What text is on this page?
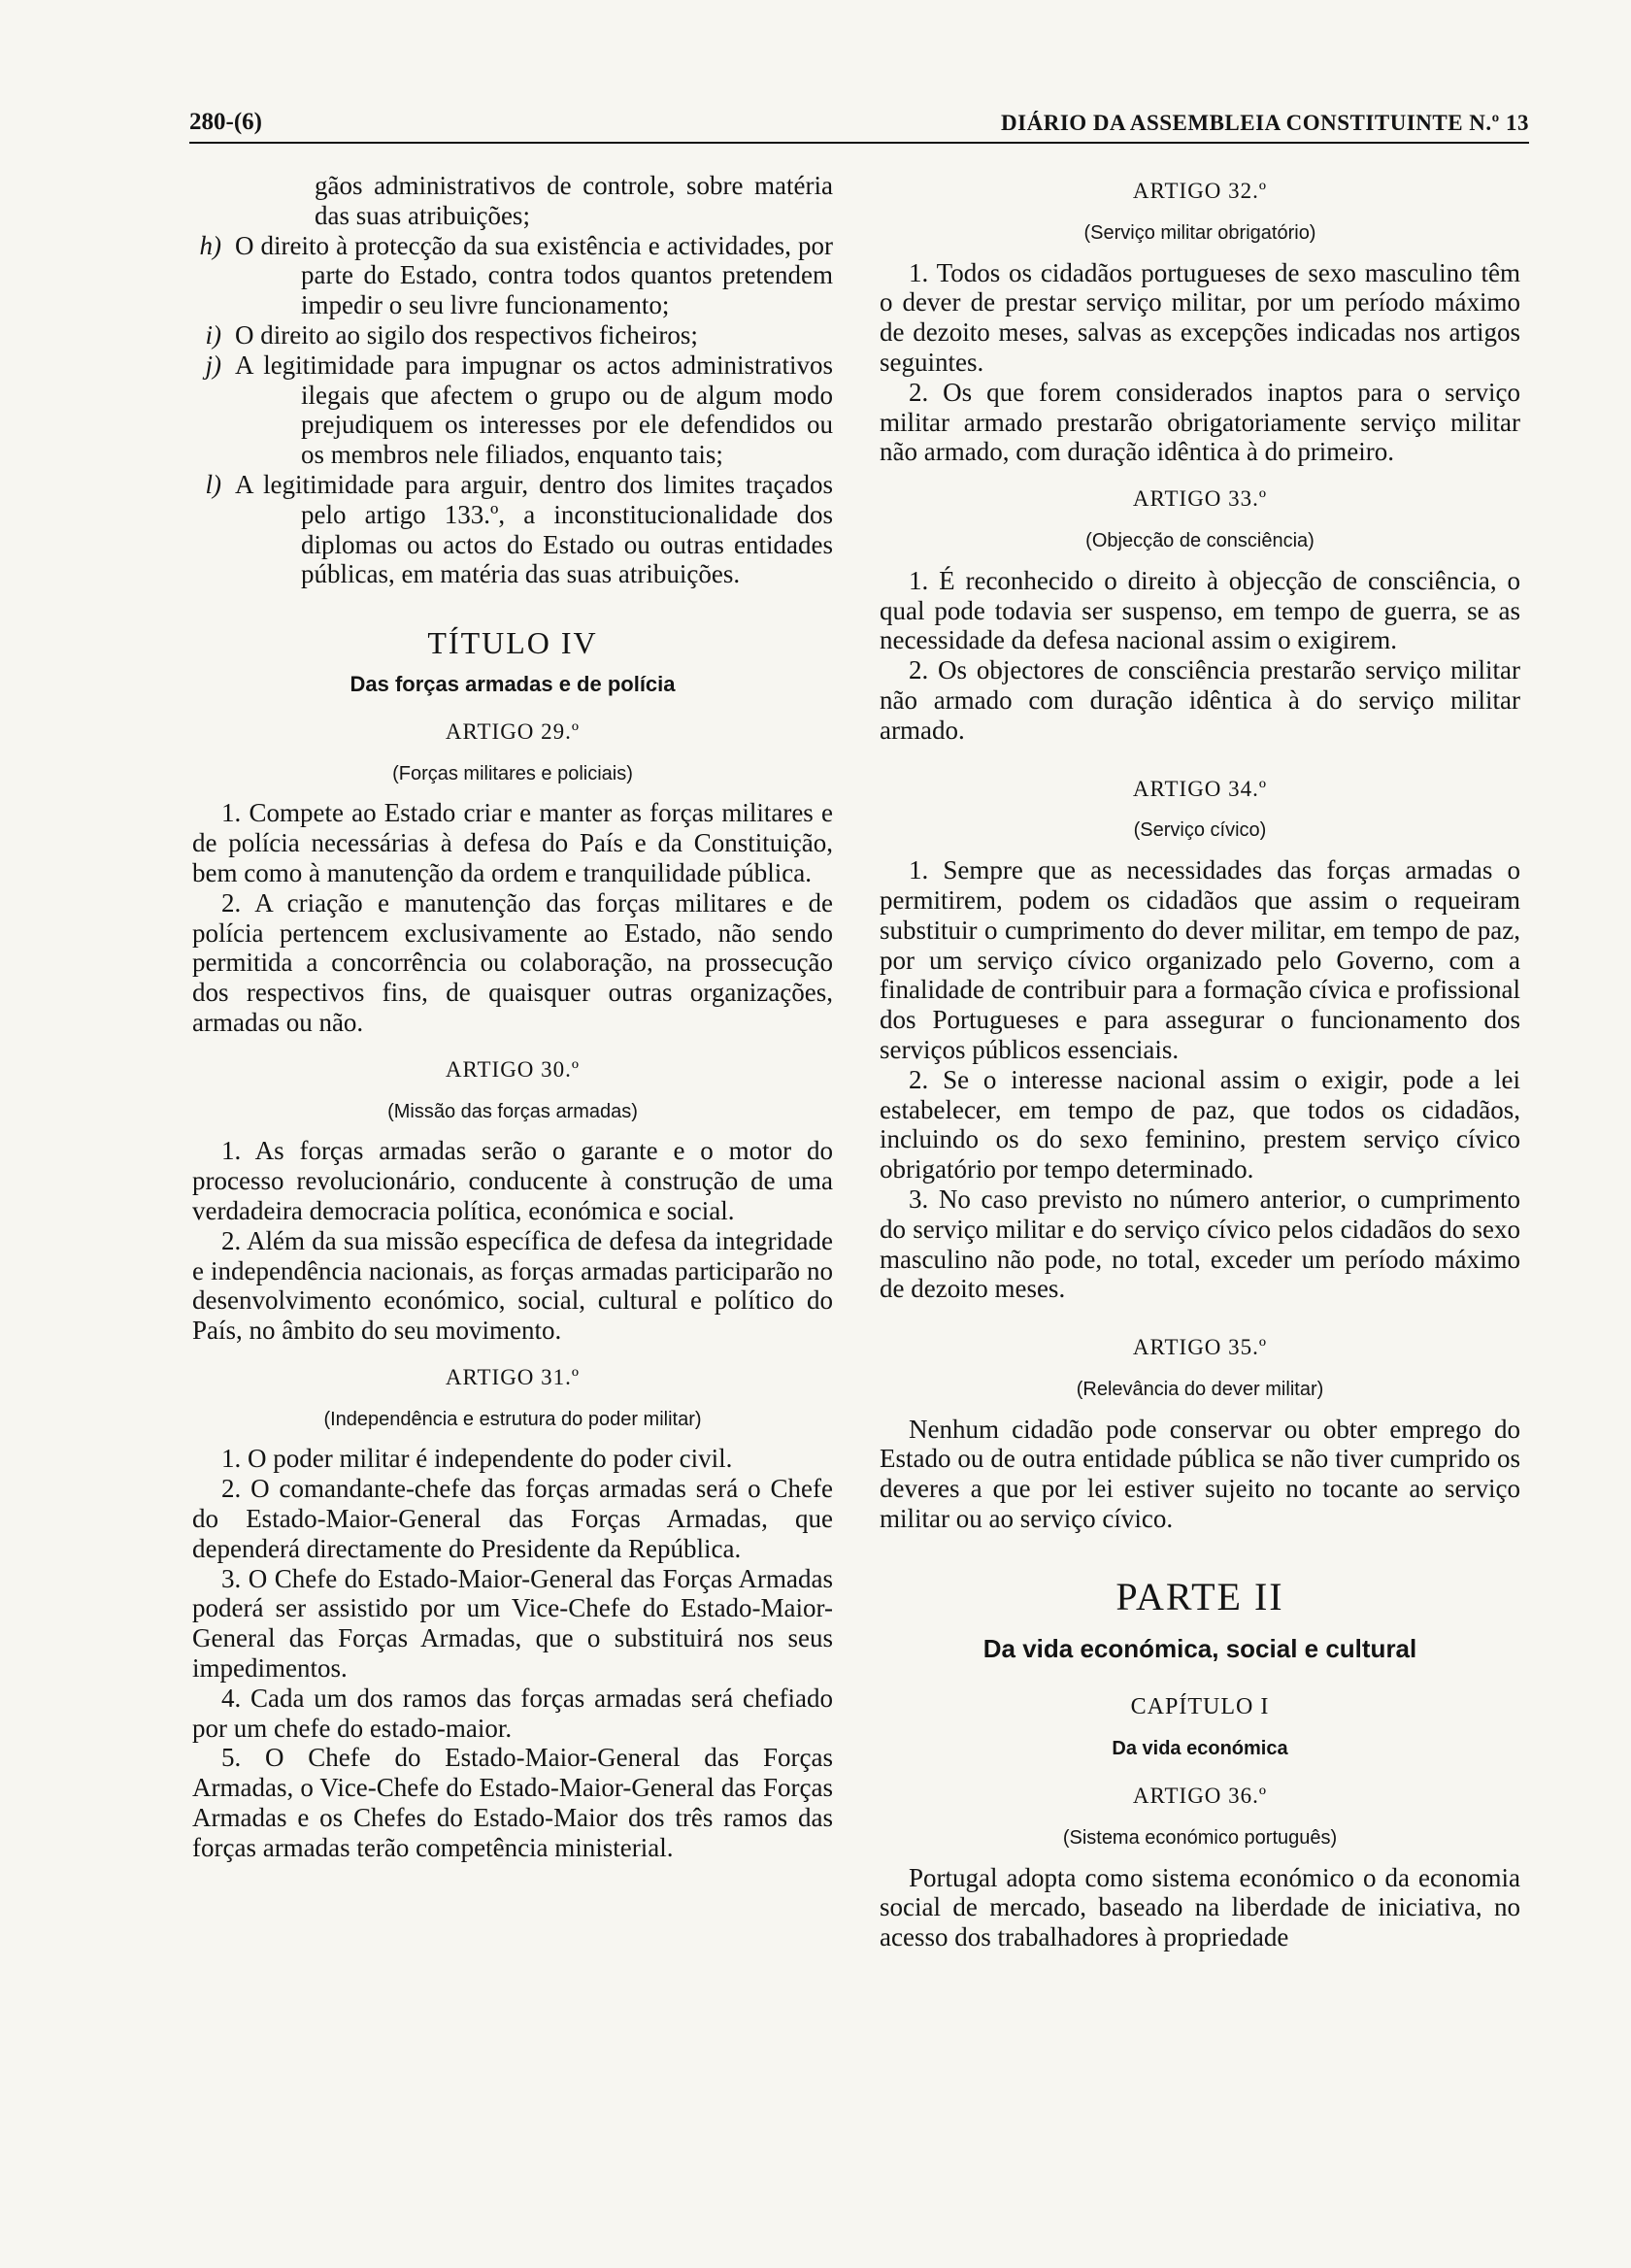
280-(6)	DIÁRIO DA ASSEMBLEIA CONSTITUINTE N.º 13

gãos administrativos de controle, sobre matéria das suas atribuições;

h) O direito à protecção da sua existência e actividades, por parte do Estado, contra todos quantos pretendem impedir o seu livre funcionamento;

i) O direito ao sigilo dos respectivos ficheiros;

j) A legitimidade para impugnar os actos administrativos ilegais que afectem o grupo ou de algum modo prejudiquem os interesses por ele defendidos ou os membros nele filiados, enquanto tais;

l) A legitimidade para arguir, dentro dos limites traçados pelo artigo 133.º, a inconstitucionalidade dos diplomas ou actos do Estado ou outras entidades públicas, em matéria das suas atribuições.

TÍTULO IV
Das forças armadas e de polícia
ARTIGO 29.º
(Forças militares e policiais)

1. Compete ao Estado criar e manter as forças militares e de polícia necessárias à defesa do País e da Constituição, bem como à manutenção da ordem e tranquilidade pública.

2. A criação e manutenção das forças militares e de polícia pertencem exclusivamente ao Estado, não sendo permitida a concorrência ou colaboração, na prossecução dos respectivos fins, de quaisquer outras organizações, armadas ou não.

ARTIGO 30.º
(Missão das forças armadas)

1. As forças armadas serão o garante e o motor do processo revolucionário, conducente à construção de uma verdadeira democracia política, económica e social.

2. Além da sua missão específica de defesa da integridade e independência nacionais, as forças armadas participarão no desenvolvimento económico, social, cultural e político do País, no âmbito do seu movimento.

ARTIGO 31.º
(Independência e estrutura do poder militar)

1. O poder militar é independente do poder civil.

2. O comandante-chefe das forças armadas será o Chefe do Estado-Maior-General das Forças Armadas, que dependerá directamente do Presidente da República.

3. O Chefe do Estado-Maior-General das Forças Armadas poderá ser assistido por um Vice-Chefe do Estado-Maior-General das Forças Armadas, que o substituirá nos seus impedimentos.

4. Cada um dos ramos das forças armadas será chefiado por um chefe do estado-maior.

5. O Chefe do Estado-Maior-General das Forças Armadas, o Vice-Chefe do Estado-Maior-General das Forças Armadas e os Chefes do Estado-Maior dos três ramos das forças armadas terão competência ministerial.

ARTIGO 32.º
(Serviço militar obrigatório)

1. Todos os cidadãos portugueses de sexo masculino têm o dever de prestar serviço militar, por um período máximo de dezoito meses, salvas as excepções indicadas nos artigos seguintes.

2. Os que forem considerados inaptos para o serviço militar armado prestarão obrigatoriamente serviço militar não armado, com duração idêntica à do primeiro.

ARTIGO 33.º
(Objecção de consciência)

1. É reconhecido o direito à objecção de consciência, o qual pode todavia ser suspenso, em tempo de guerra, se as necessidade da defesa nacional assim o exigirem.

2. Os objectores de consciência prestarão serviço militar não armado com duração idêntica à do serviço militar armado.

ARTIGO 34.º
(Serviço cívico)

1. Sempre que as necessidades das forças armadas o permitirem, podem os cidadãos que assim o requeiram substituir o cumprimento do dever militar, em tempo de paz, por um serviço cívico organizado pelo Governo, com a finalidade de contribuir para a formação cívica e profissional dos Portugueses e para assegurar o funcionamento dos serviços públicos essenciais.

2. Se o interesse nacional assim o exigir, pode a lei estabelecer, em tempo de paz, que todos os cidadãos, incluindo os do sexo feminino, prestem serviço cívico obrigatório por tempo determinado.

3. No caso previsto no número anterior, o cumprimento do serviço militar e do serviço cívico pelos cidadãos do sexo masculino não pode, no total, exceder um período máximo de dezoito meses.

ARTIGO 35.º
(Relevância do dever militar)

Nenhum cidadão pode conservar ou obter emprego do Estado ou de outra entidade pública se não tiver cumprido os deveres a que por lei estiver sujeito no tocante ao serviço militar ou ao serviço cívico.

PARTE II
Da vida económica, social e cultural
CAPÍTULO I
Da vida económica
ARTIGO 36.º
(Sistema económico português)

Portugal adopta como sistema económico o da economia social de mercado, baseado na liberdade de iniciativa, no acesso dos trabalhadores à propriedade
